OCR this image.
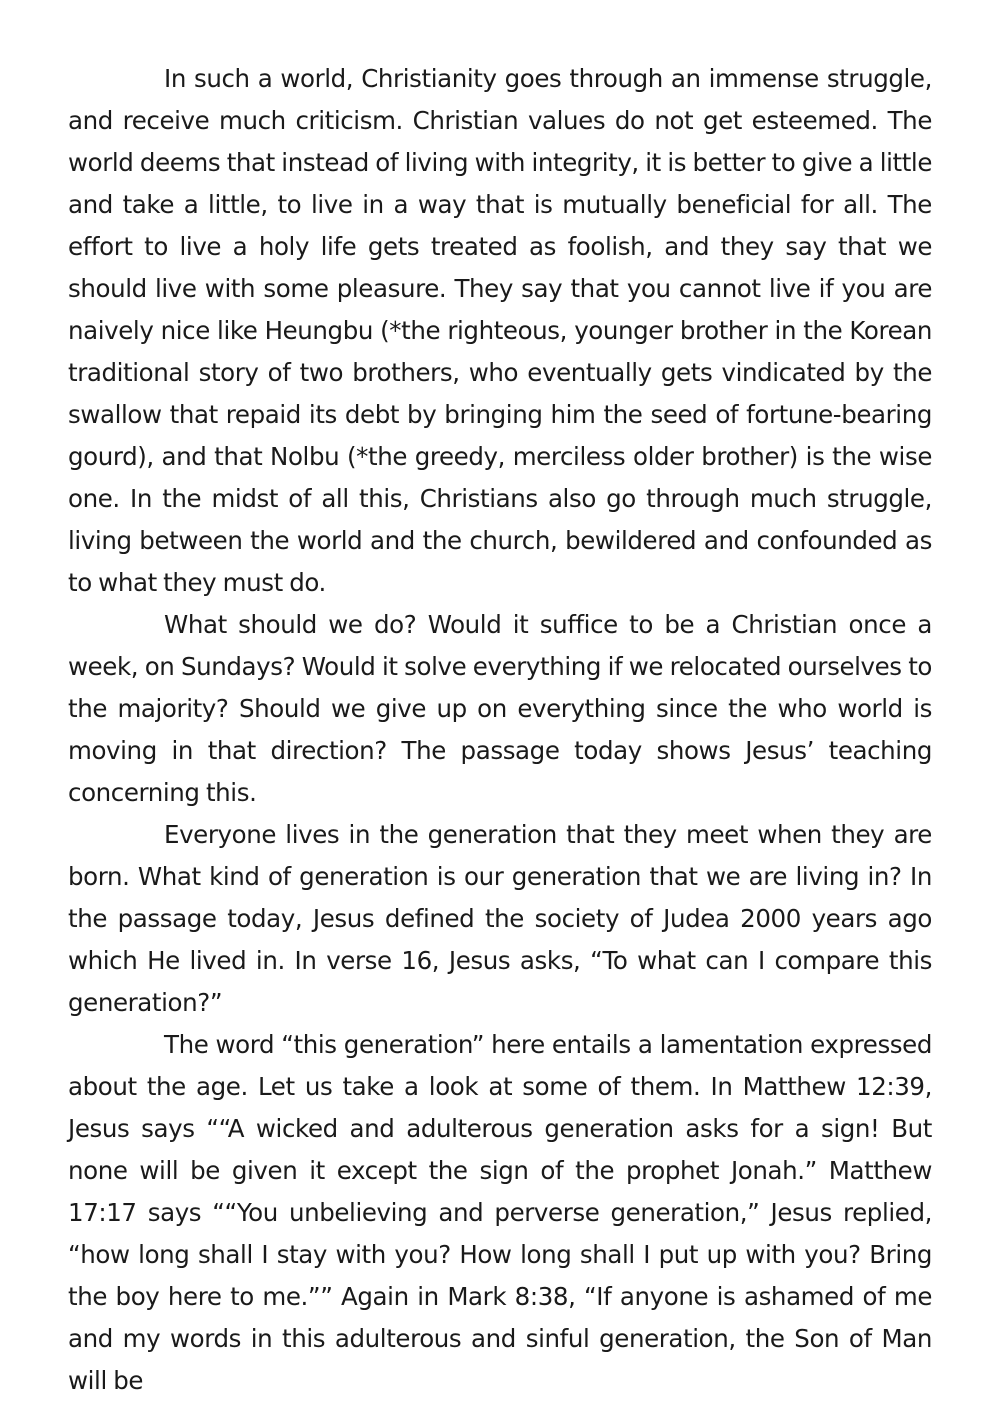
In such a world, Christianity goes through an immense struggle, and receive much criticism. Christian values do not get esteemed. The world deems that instead of living with integrity, it is better to give a little and take a little, to live in a way that is mutually beneficial for all. The effort to live a holy life gets treated as foolish, and they say that we should live with some pleasure. They say that you cannot live if you are naively nice like Heungbu (*the righteous, younger brother in the Korean traditional story of two brothers, who eventually gets vindicated by the swallow that repaid its debt by bringing him the seed of fortune-bearing gourd), and that Nolbu (*the greedy, merciless older brother) is the wise one. In the midst of all this, Christians also go through much struggle, living between the world and the church, bewildered and confounded as to what they must do.

What should we do? Would it suffice to be a Christian once a week, on Sundays? Would it solve everything if we relocated ourselves to the majority? Should we give up on everything since the who world is moving in that direction? The passage today shows Jesus’ teaching concerning this.

Everyone lives in the generation that they meet when they are born. What kind of generation is our generation that we are living in? In the passage today, Jesus defined the society of Judea 2000 years ago which He lived in. In verse 16, Jesus asks, “To what can I compare this generation?”

The word “this generation” here entails a lamentation expressed about the age. Let us take a look at some of them. In Matthew 12:39, Jesus says ““A wicked and adulterous generation asks for a sign! But none will be given it except the sign of the prophet Jonah.” Matthew 17:17 says ““You unbelieving and perverse generation,” Jesus replied, “how long shall I stay with you? How long shall I put up with you? Bring the boy here to me.”” Again in Mark 8:38, “If anyone is ashamed of me and my words in this adulterous and sinful generation, the Son of Man will be
